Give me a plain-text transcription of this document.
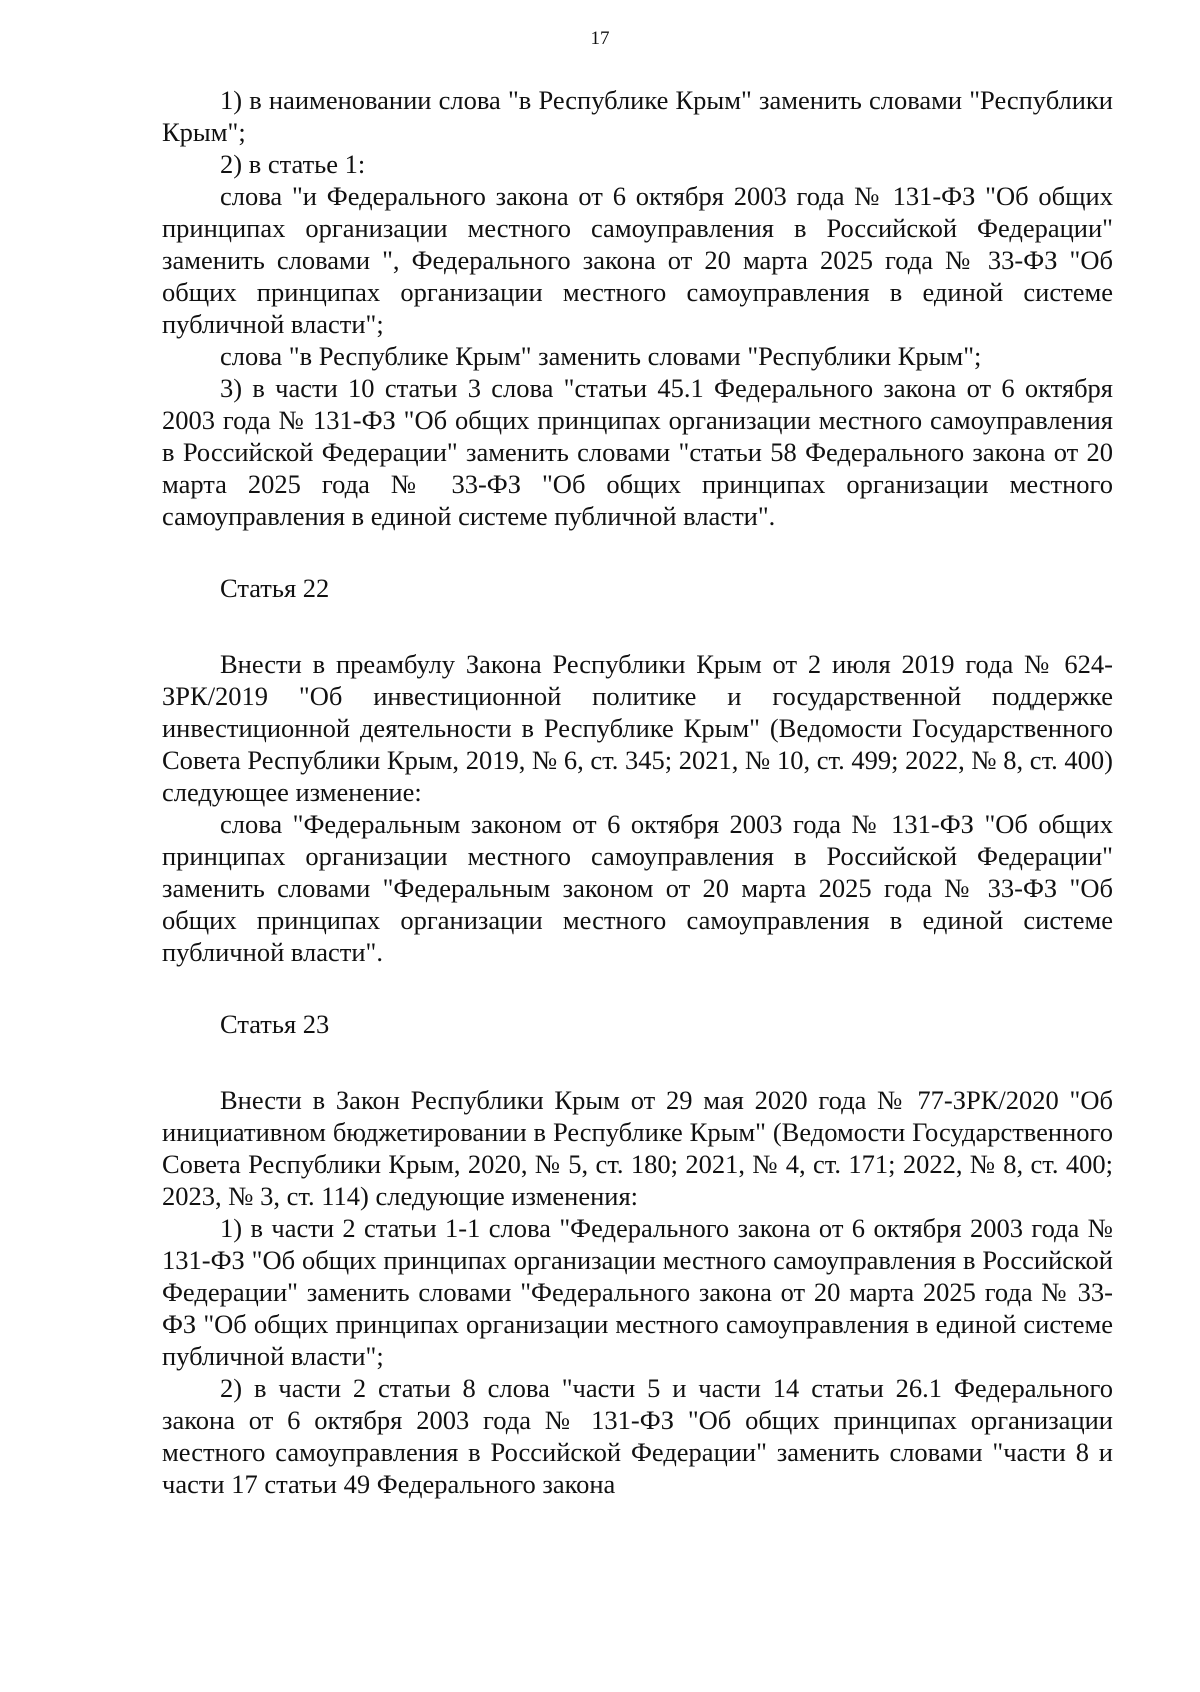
17

1) в наименовании слова "в Республике Крым" заменить словами "Республики Крым";

2) в статье 1:

слова "и Федерального закона от 6 октября 2003 года № 131-ФЗ "Об общих принципах организации местного самоуправления в Российской Федерации" заменить словами ", Федерального закона от 20 марта 2025 года № 33-ФЗ "Об общих принципах организации местного самоуправления в единой системе публичной власти";

слова "в Республике Крым" заменить словами "Республики Крым";

3) в части 10 статьи 3 слова "статьи 45.1 Федерального закона от 6 октября 2003 года № 131-ФЗ "Об общих принципах организации местного самоуправления в Российской Федерации" заменить словами "статьи 58 Федерального закона от 20 марта 2025 года № 33-ФЗ "Об общих принципах организации местного самоуправления в единой системе публичной власти".

Статья 22

Внести в преамбулу Закона Республики Крым от 2 июля 2019 года № 624-ЗРК/2019 "Об инвестиционной политике и государственной поддержке инвестиционной деятельности в Республике Крым" (Ведомости Государственного Совета Республики Крым, 2019, № 6, ст. 345; 2021, № 10, ст. 499; 2022, № 8, ст. 400) следующее изменение:

слова "Федеральным законом от 6 октября 2003 года № 131-ФЗ "Об общих принципах организации местного самоуправления в Российской Федерации" заменить словами "Федеральным законом от 20 марта 2025 года № 33-ФЗ "Об общих принципах организации местного самоуправления в единой системе публичной власти".

Статья 23

Внести в Закон Республики Крым от 29 мая 2020 года № 77-ЗРК/2020 "Об инициативном бюджетировании в Республике Крым" (Ведомости Государственного Совета Республики Крым, 2020, № 5, ст. 180; 2021, № 4, ст. 171; 2022, № 8, ст. 400; 2023, № 3, ст. 114) следующие изменения:

1) в части 2 статьи 1-1 слова "Федерального закона от 6 октября 2003 года № 131-ФЗ "Об общих принципах организации местного самоуправления в Российской Федерации" заменить словами "Федерального закона от 20 марта 2025 года № 33-ФЗ "Об общих принципах организации местного самоуправления в единой системе публичной власти";

2) в части 2 статьи 8 слова "части 5 и части 14 статьи 26.1 Федерального закона от 6 октября 2003 года № 131-ФЗ "Об общих принципах организации местного самоуправления в Российской Федерации" заменить словами "части 8 и части 17 статьи 49 Федерального закона
